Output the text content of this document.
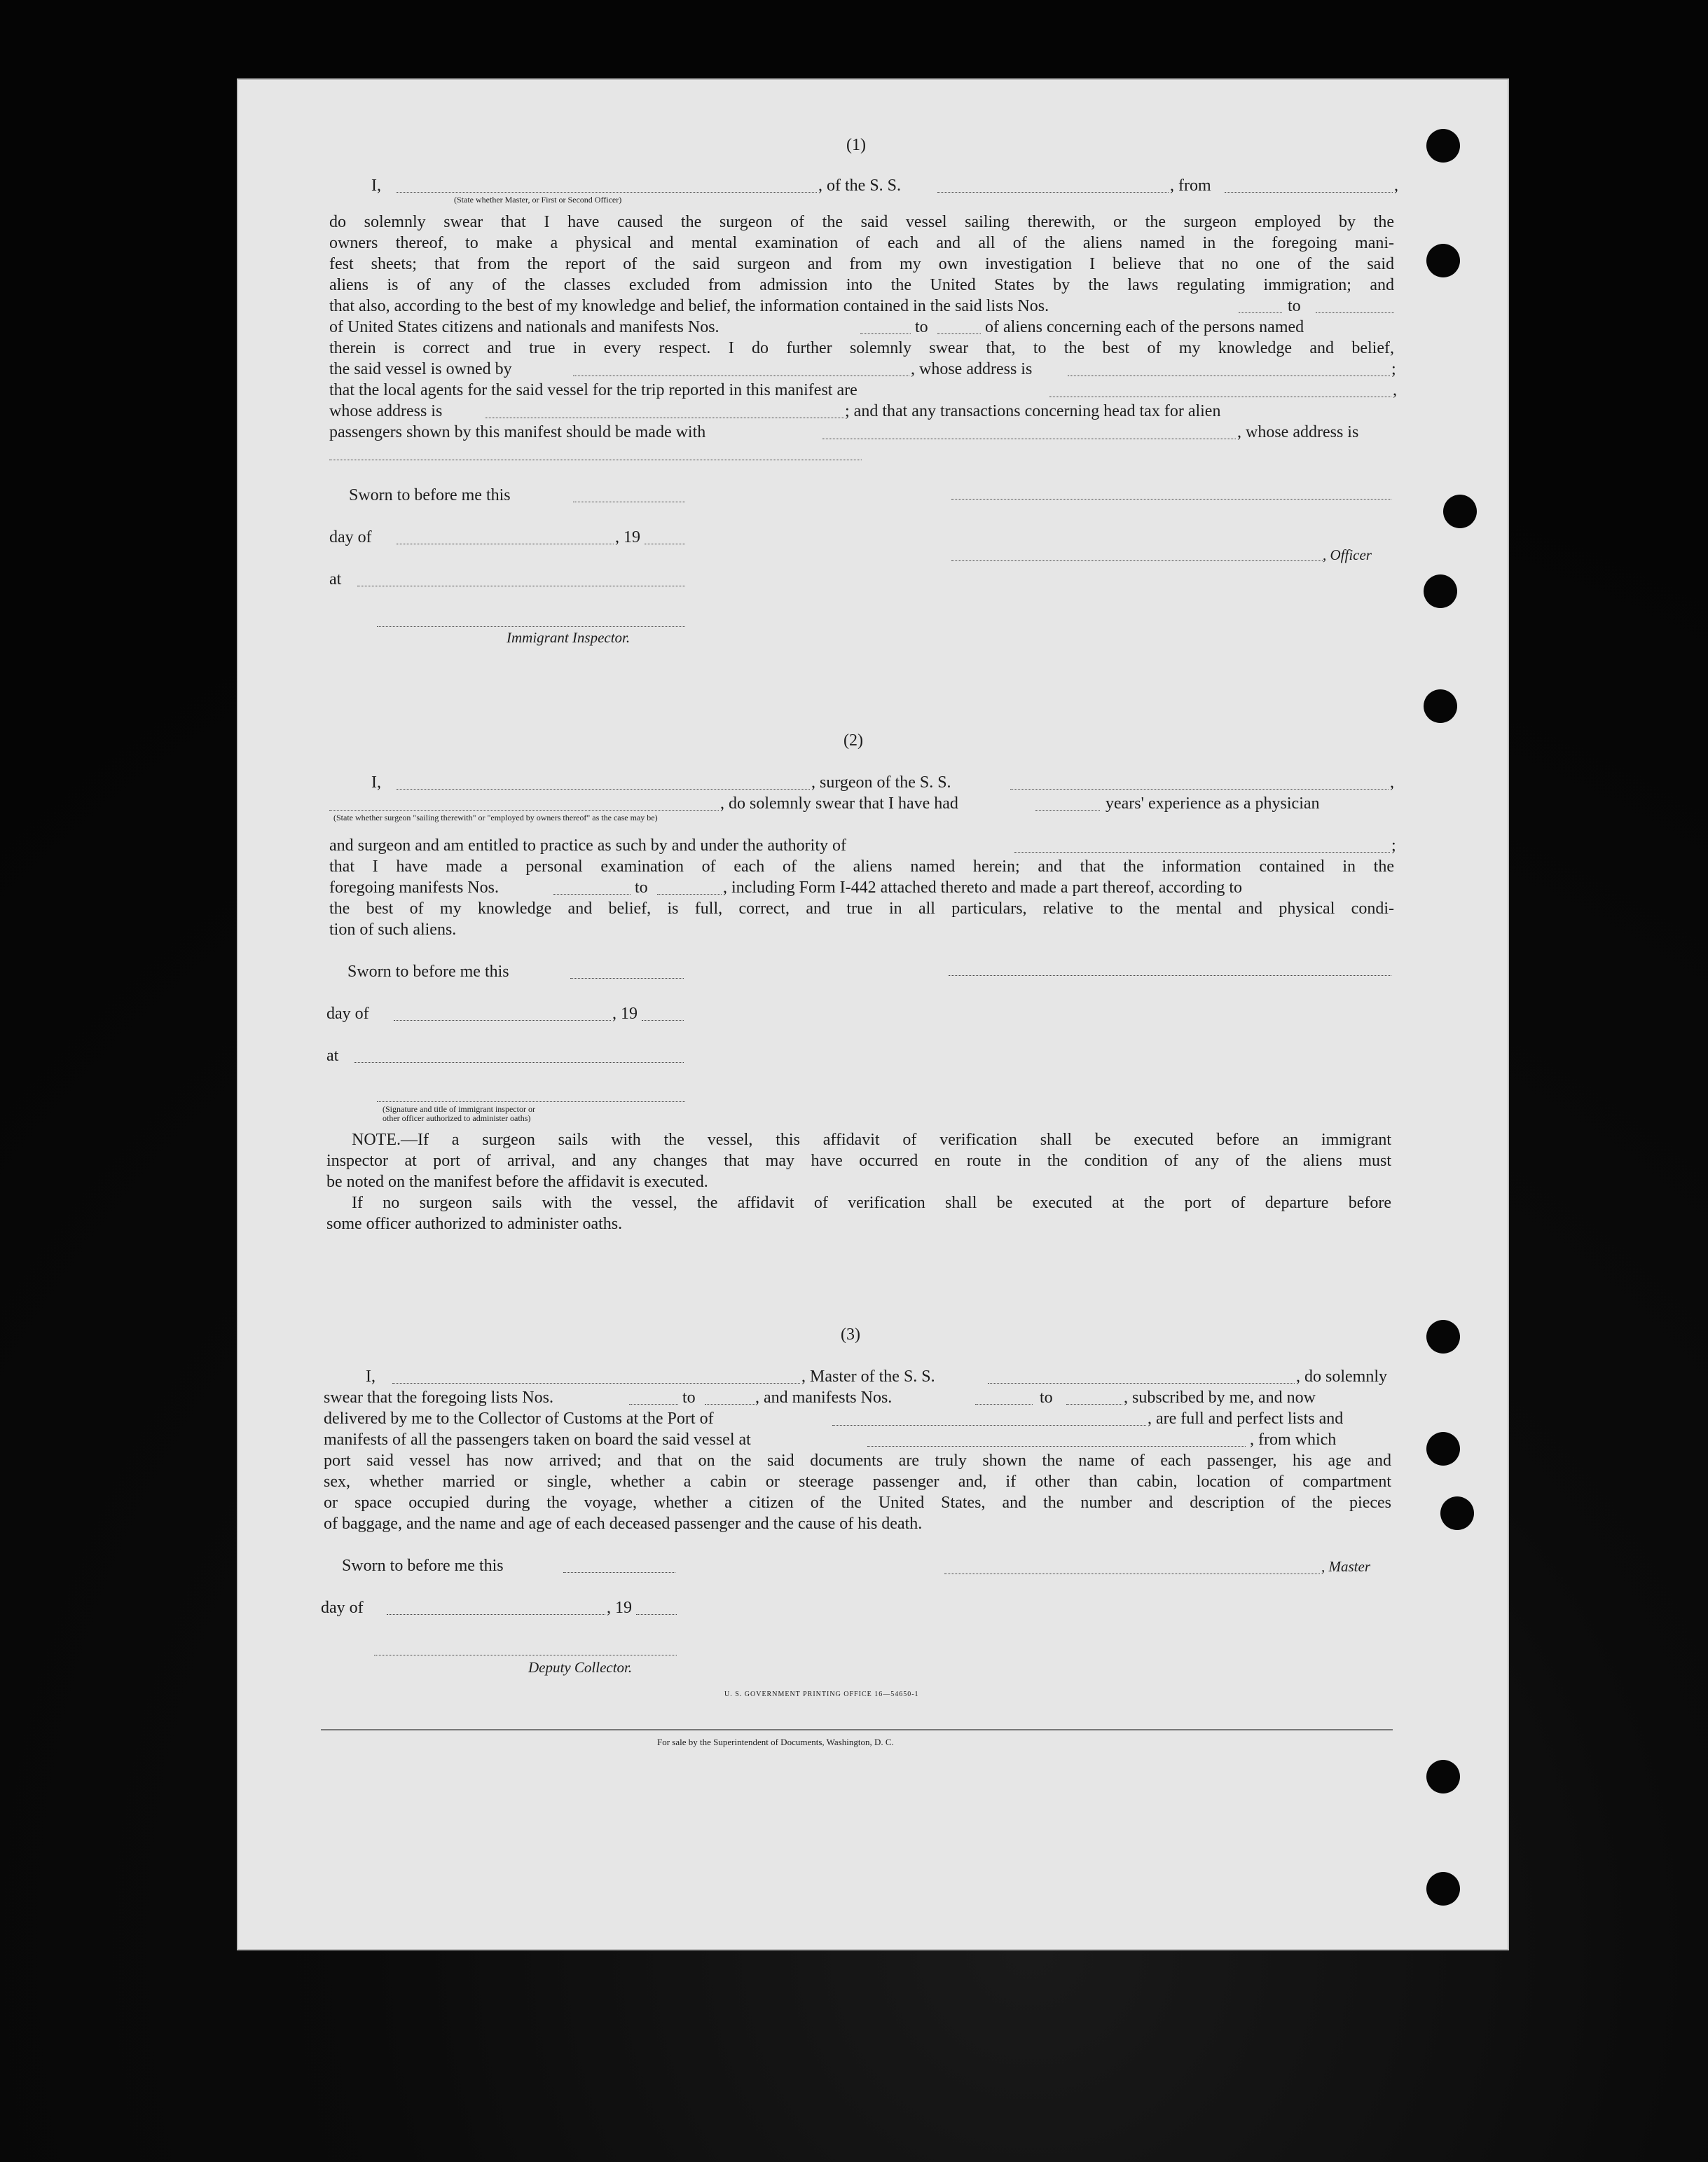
(1)
I,	, of the S. S.	, from	,
(State whether Master, or First or Second Officer)
do solemnly swear that I have caused the surgeon of the said vessel sailing therewith, or the surgeon employed by the
owners thereof, to make a physical and mental examination of each and all of the aliens named in the foregoing mani-
fest sheets; that from the report of the said surgeon and from my own investigation I believe that no one of the said
aliens is of any of the classes excluded from admission into the United States by the laws regulating immigration; and
that also, according to the best of my knowledge and belief, the information contained in the said lists Nos.	to
of United States citizens and nationals and manifests Nos.	to	of aliens concerning each of the persons named
therein is correct and true in every respect. I do further solemnly swear that, to the best of my knowledge and belief,
the said vessel is owned by	, whose address is	;
that the local agents for the said vessel for the trip reported in this manifest are	,
whose address is	; and that any transactions concerning head tax for alien
passengers shown by this manifest should be made with	, whose address is
Sworn to before me this
day of	, 19
, Officer
at
Immigrant Inspector.
(2)
I,	, surgeon of the S. S.	,
, do solemnly swear that I have had	years' experience as a physician
(State whether surgeon "sailing therewith" or "employed by owners thereof" as the case may be)
and surgeon and am entitled to practice as such by and under the authority of	;
that I have made a personal examination of each of the aliens named herein; and that the information contained in the
foregoing manifests Nos.	to	, including Form I-442 attached thereto and made a part thereof, according to
the best of my knowledge and belief, is full, correct, and true in all particulars, relative to the mental and physical condi-
tion of such aliens.
Sworn to before me this
day of	, 19
at
(Signature and title of immigrant inspector or
other officer authorized to administer oaths)
NOTE.—If a surgeon sails with the vessel, this affidavit of verification shall be executed before an immigrant
inspector at port of arrival, and any changes that may have occurred en route in the condition of any of the aliens must
be noted on the manifest before the affidavit is executed.
If no surgeon sails with the vessel, the affidavit of verification shall be executed at the port of departure before
some officer authorized to administer oaths.
(3)
I,	, Master of the S. S.	, do solemnly
swear that the foregoing lists Nos.	to	, and manifests Nos.	to	, subscribed by me, and now
delivered by me to the Collector of Customs at the Port of	, are full and perfect lists and
manifests of all the passengers taken on board the said vessel at	, from which
port said vessel has now arrived; and that on the said documents are truly shown the name of each passenger, his age and
sex, whether married or single, whether a cabin or steerage passenger and, if other than cabin, location of compartment
or space occupied during the voyage, whether a citizen of the United States, and the number and description of the pieces
of baggage, and the name and age of each deceased passenger and the cause of his death.
Sworn to before me this	, Master
day of	, 19
Deputy Collector.
U. S. GOVERNMENT PRINTING OFFICE 16—54650-1
For sale by the Superintendent of Documents, Washington, D. C.
